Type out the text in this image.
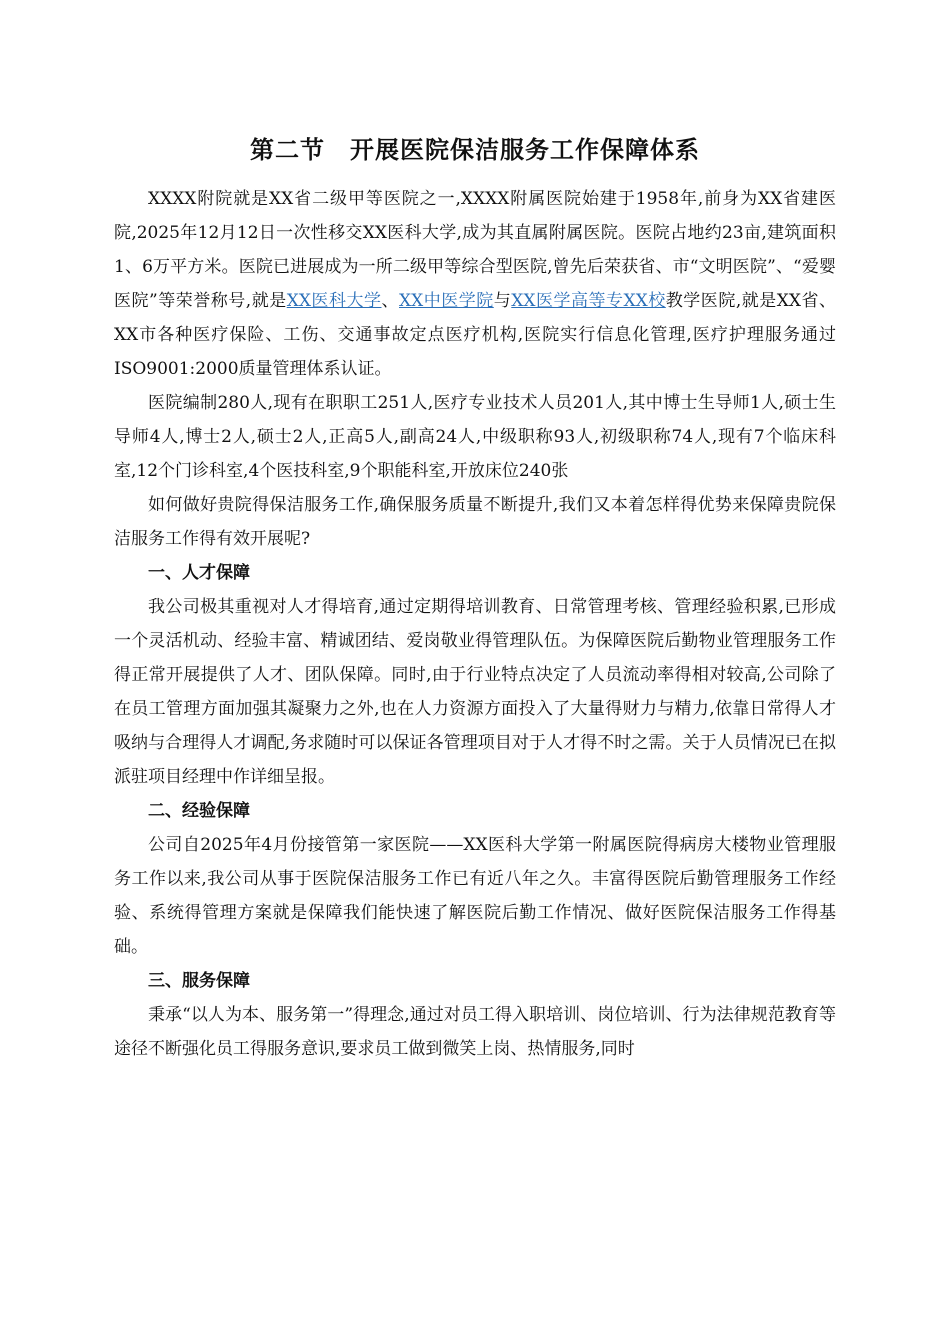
第二节　开展医院保洁服务工作保障体系

XXXX附院就是XX省二级甲等医院之一,XXXX附属医院始建于1958年,前身为XX省建医院,2025年12月12日一次性移交XX医科大学,成为其直属附属医院。医院占地约23亩,建筑面积1、6万平方米。医院已进展成为一所二级甲等综合型医院,曾先后荣获省、市“文明医院”、“爱婴医院”等荣誉称号,就是XX医科大学、XX中医学院与XX医学高等专XX校教学医院,就是XX省、XX市各种医疗保险、工伤、交通事故定点医疗机构,医院实行信息化管理,医疗护理服务通过ISO9001:2000质量管理体系认证。

医院编制280人,现有在职职工251人,医疗专业技术人员201人,其中博士生导师1人,硕士生导师4人,博士2人,硕士2人,正高5人,副高24人,中级职称93人,初级职称74人,现有7个临床科室,12个门诊科室,4个医技科室,9个职能科室,开放床位240张

如何做好贵院得保洁服务工作,确保服务质量不断提升,我们又本着怎样得优势来保障贵院保洁服务工作得有效开展呢?

一、人才保障

我公司极其重视对人才得培育,通过定期得培训教育、日常管理考核、管理经验积累,已形成一个灵活机动、经验丰富、精诚团结、爱岗敬业得管理队伍。为保障医院后勤物业管理服务工作得正常开展提供了人才、团队保障。同时,由于行业特点决定了人员流动率得相对较高,公司除了在员工管理方面加强其凝聚力之外,也在人力资源方面投入了大量得财力与精力,依靠日常得人才吸纳与合理得人才调配,务求随时可以保证各管理项目对于人才得不时之需。关于人员情况已在拟派驻项目经理中作详细呈报。

二、经验保障

公司自2025年4月份接管第一家医院——XX医科大学第一附属医院得病房大楼物业管理服务工作以来,我公司从事于医院保洁服务工作已有近八年之久。丰富得医院后勤管理服务工作经验、系统得管理方案就是保障我们能快速了解医院后勤工作情况、做好医院保洁服务工作得基础。

三、服务保障

秉承“以人为本、服务第一”得理念,通过对员工得入职培训、岗位培训、行为法律规范教育等途径不断强化员工得服务意识,要求员工做到微笑上岗、热情服务,同时
